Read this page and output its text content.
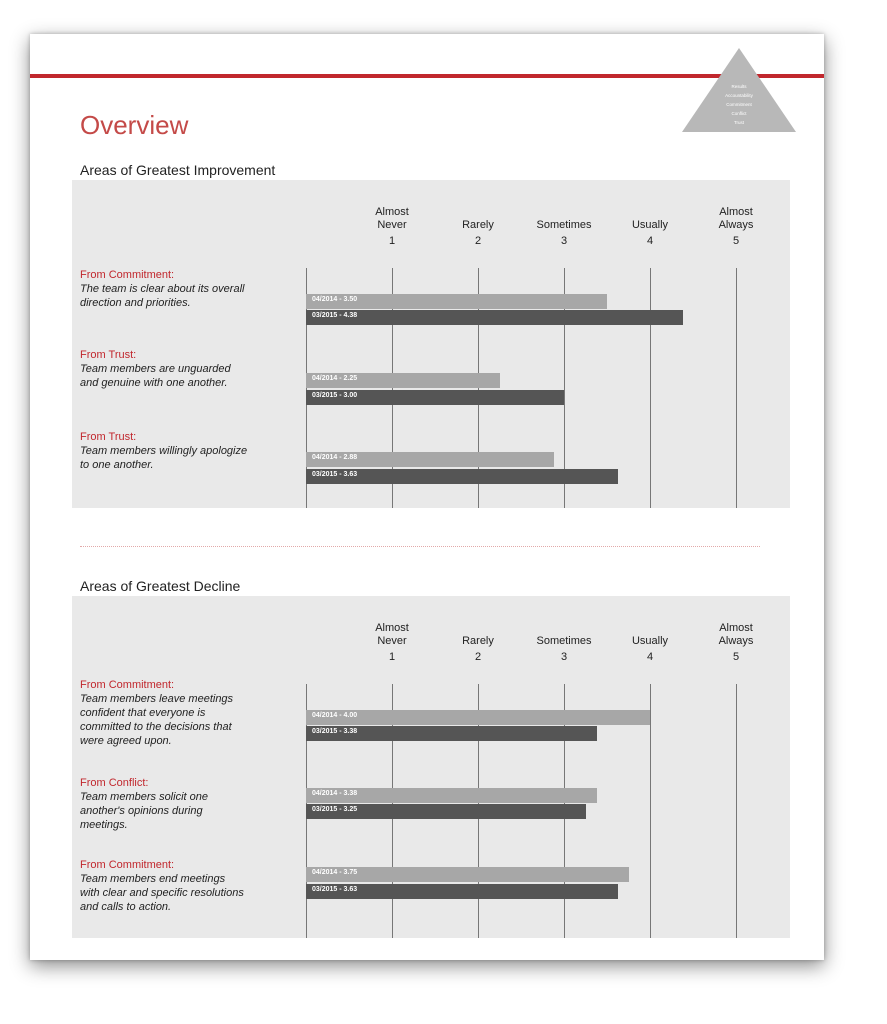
Results
Accountability
Commitment
Conflict
Trust
Overview
Areas of Greatest Improvement
Almost
Never
1
Rarely
2
Sometimes
3
Usually
4
Almost
Always
5
From Commitment:
The team is clear about its overall
direction and priorities.	04/2014 - 3.50
03/2015 - 4.38
From Trust:
Team members are unguarded
and genuine with one another.	04/2014 - 2.25
03/2015 - 3.00
From Trust:
Team members willingly apologize
to one another.
04/2014 - 2.88
03/2015 - 3.63
Areas of Greatest Decline
Almost
Never
1
Rarely
2
Sometimes
3
Usually
4
Almost
Always
5
From Commitment:
Team members leave meetings
confident that everyone is
committed to the decisions that
were agreed upon.
04/2014 - 4.00
03/2015 - 3.38
From Conflict:
Team members solicit one
another's opinions during
meetings.
04/2014 - 3.38
03/2015 - 3.25
From Commitment:
Team members end meetings
with clear and specific resolutions
and calls to action.
04/2014 - 3.75
03/2015 - 3.63
